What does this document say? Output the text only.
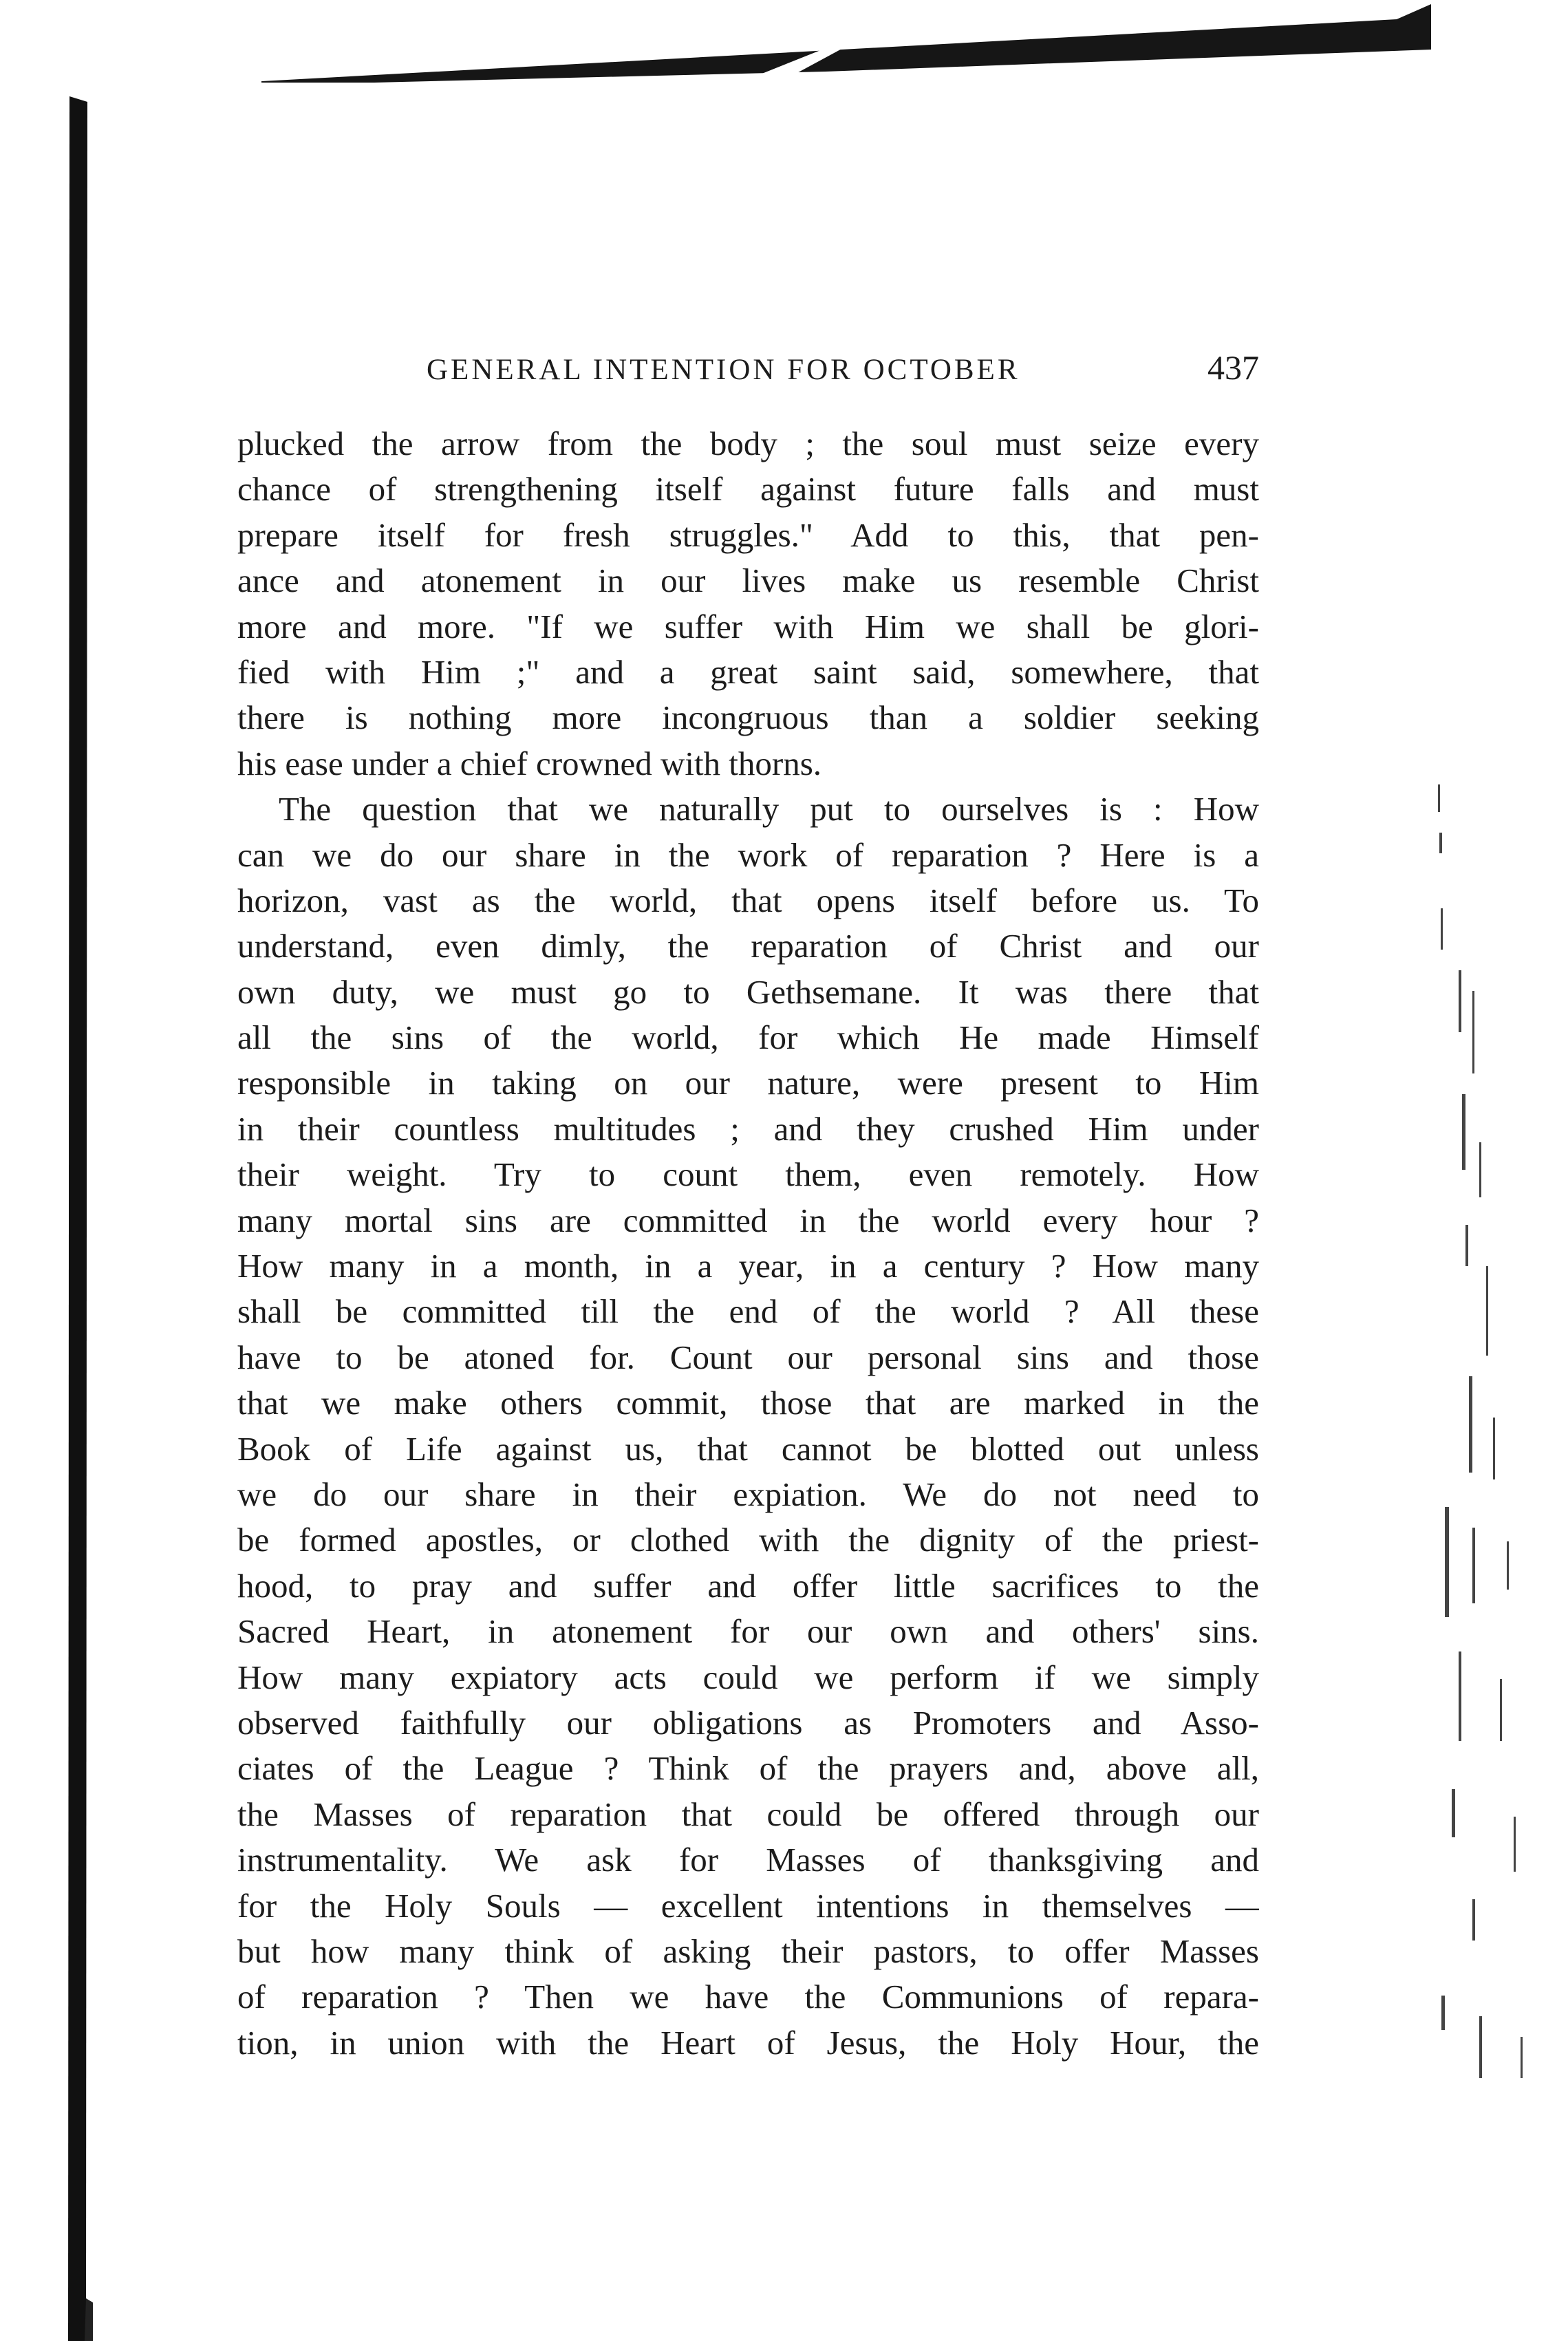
GENERAL INTENTION FOR OCTOBER	437
plucked the arrow from the body ; the soul must seize every
chance of strengthening itself against future falls and must
prepare itself for fresh struggles." Add to this, that pen-
ance and atonement in our lives make us resemble Christ
more and more. "If we suffer with Him we shall be glori-
fied with Him ;" and a great saint said, somewhere, that
there is nothing more incongruous than a soldier seeking
his ease under a chief crowned with thorns.
The question that we naturally put to ourselves is : How
can we do our share in the work of reparation ? Here is a
horizon, vast as the world, that opens itself before us. To
understand, even dimly, the reparation of Christ and our
own duty, we must go to Gethsemane. It was there that
all the sins of the world, for which He made Himself
responsible in taking on our nature, were present to Him
in their countless multitudes ; and they crushed Him under
their weight. Try to count them, even remotely. How
many mortal sins are committed in the world every hour ?
How many in a month, in a year, in a century ? How many
shall be committed till the end of the world ? All these
have to be atoned for. Count our personal sins and those
that we make others commit, those that are marked in the
Book of Life against us, that cannot be blotted out unless
we do our share in their expiation. We do not need to
be formed apostles, or clothed with the dignity of the priest-
hood, to pray and suffer and offer little sacrifices to the
Sacred Heart, in atonement for our own and others' sins.
How many expiatory acts could we perform if we simply
observed faithfully our obligations as Promoters and Asso-
ciates of the League ? Think of the prayers and, above all,
the Masses of reparation that could be offered through our
instrumentality. We ask for Masses of thanksgiving and
for the Holy Souls — excellent intentions in themselves —
but how many think of asking their pastors, to offer Masses
of reparation ? Then we have the Communions of repara-
tion, in union with the Heart of Jesus, the Holy Hour, the
